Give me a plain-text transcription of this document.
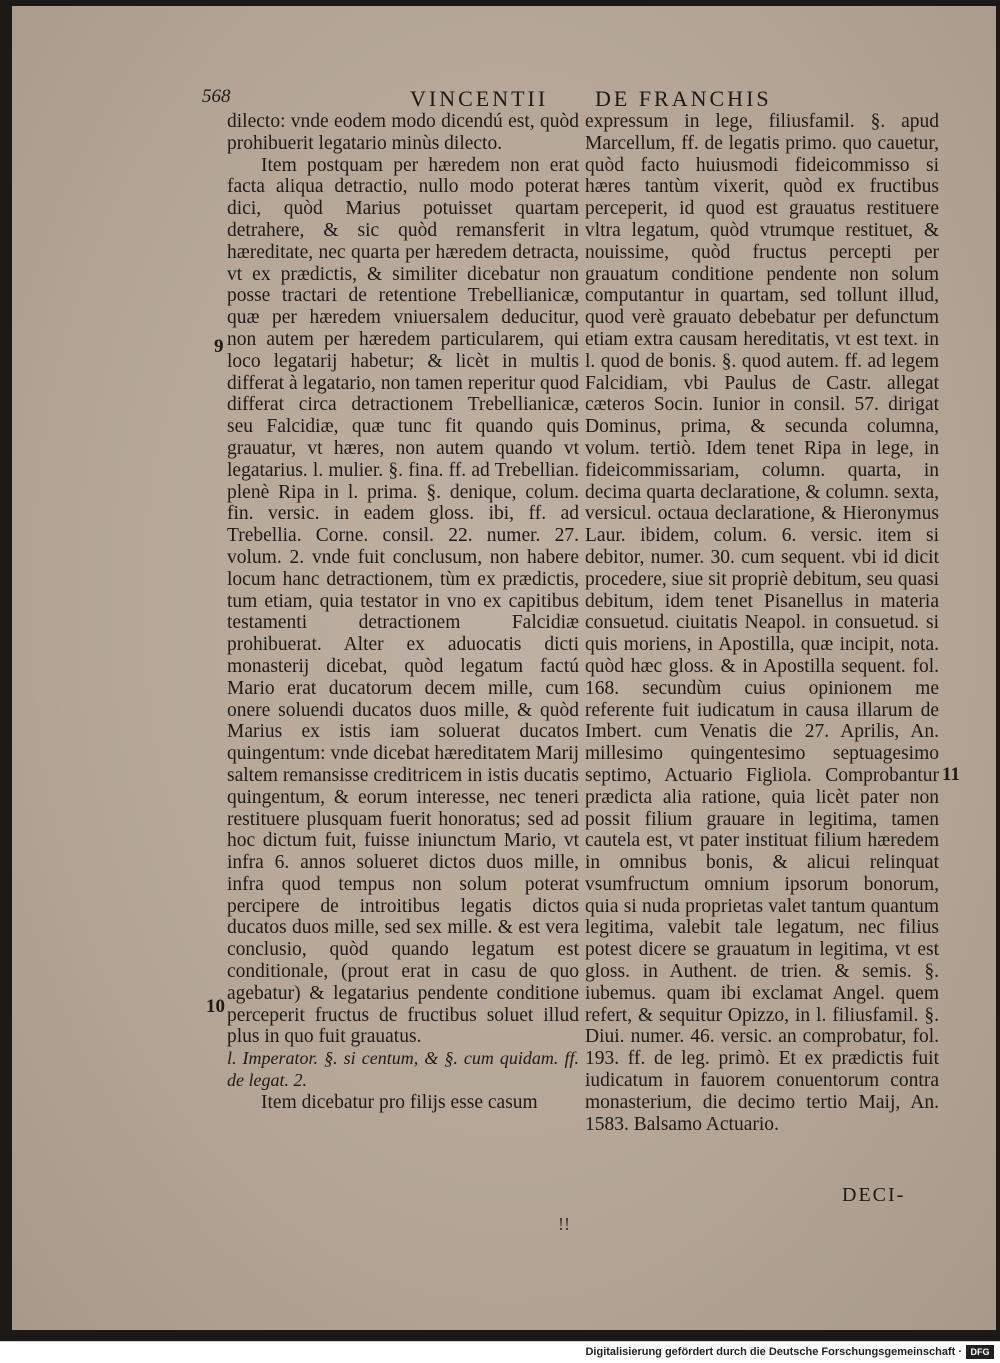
568	VINCENTII DE FRANCHIS

dilecto: vnde eodem modo dicendú est, quòd prohibuerit legatario minùs dilecto.

Item postquam per hæredem non erat facta aliqua detractio, nullo modo poterat dici, quòd Marius potuisset quartam detrahere, & sic quòd remansferit in hæreditate, nec quarta per hæredem detracta, vt ex prædictis, & similiter dicebatur non posse tractari de retentione Trebellianicæ, quæ per hæredem vniuersalem deducitur, non autem per hæredem particularem, qui loco legatarij habetur; & licèt in multis differat à legatario, non tamen reperitur quod differat circa detractionem Trebellianicæ, seu Falcidiæ, quæ tunc fit quando quis grauatur, vt hæres, non autem quando vt legatarius. l. mulier. §. fina. ff. ad Trebellian. plenè Ripa in l. prima. §. denique, colum. fin. versic. in eadem gloss. ibi, ff. ad Trebellia. Corne. consil. 22. numer. 27. volum. 2. vnde fuit conclusum, non habere locum hanc detractionem, tùm ex prædictis, tum etiam, quia testator in vno ex capitibus testamenti detractionem Falcidiæ prohibuerat. Alter ex aduocatis dicti monasterij dicebat, quòd legatum factú Mario erat ducatorum decem mille, cum onere soluendi ducatos duos mille, & quòd Marius ex istis iam soluerat ducatos quingentum: vnde dicebat hæreditatem Marij saltem remansisse creditricem in istis ducatis quingentum, & eorum interesse, nec teneri restituere plusquam fuerit honoratus; sed ad hoc dictum fuit, fuisse iniunctum Mario, vt infra 6. annos solueret dictos duos mille, infra quod tempus non solum poterat percipere de introitibus legatis dictos ducatos duos mille, sed sex mille. & est vera conclusio, quòd quando legatum est conditionale, (prout erat in casu de quo agebatur) & legatarius pendente conditione perceperit fructus de fructibus soluet illud plus in quo fuit grauatus.

l. Imperator. §. si centum, & §. cum quidam. ff. de legat. 2.

Item dicebatur pro filijs esse casum

expressum in lege, filiusfamil. §. apud Marcellum, ff. de legatis primo. quo cauetur, quòd facto huiusmodi fideicommisso si hæres tantùm vixerit, quòd ex fructibus perceperit, id quod est grauatus restituere vltra legatum, quòd vtrumque restituet, & nouissime, quòd fructus percepti per grauatum conditione pendente non solum computantur in quartam, sed tollunt illud, quod verè grauato debebatur per defunctum etiam extra causam hereditatis, vt est text. in l. quod de bonis. §. quod autem. ff. ad legem Falcidiam, vbi Paulus de Castr. allegat cæteros Socin. Iunior in consil. 57. dirigat Dominus, prima, & secunda columna, volum. tertiò. Idem tenet Ripa in lege, in fideicommissariam, column. quarta, in decima quarta declaratione, & column. sexta, versicul. octaua declaratione, & Hieronymus Laur. ibidem, colum. 6. versic. item si debitor, numer. 30. cum sequent. vbi id dicit procedere, siue sit propriè debitum, seu quasi debitum, idem tenet Pisanellus in materia consuetud. ciuitatis Neapol. in consuetud. si quis moriens, in Apostilla, quæ incipit, nota. quòd hæc gloss. & in Apostilla sequent. fol. 168. secundùm cuius opinionem me referente fuit iudicatum in causa illarum de Imbert. cum Venatis die 27. Aprilis, An. millesimo quingentesimo septuagesimo septimo, Actuario Figliola. Comprobantur prædicta alia ratione, quia licèt pater non possit filium grauare in legitima, tamen cautela est, vt pater instituat filium hæredem in omnibus bonis, & alicui relinquat vsumfructum omnium ipsorum bonorum, quia si nuda proprietas valet tantum quantum legitima, valebit tale legatum, nec filius potest dicere se grauatum in legitima, vt est gloss. in Authent. de trien. & semis. §. iubemus. quam ibi exclamat Angel. quem refert, & sequitur Opizzo, in l. filiusfamil. §. Diui. numer. 46. versic. an comprobatur, fol. 193. ff. de leg. primò. Et ex prædictis fuit iudicatum in fauorem conuentorum contra monasterium, die decimo tertio Maij, An. 1583. Balsamo Actuario.

9
10
11
DECI-
!!
Digitalisierung gefördert durch die Deutsche Forschungsgemeinschaft · DFG
